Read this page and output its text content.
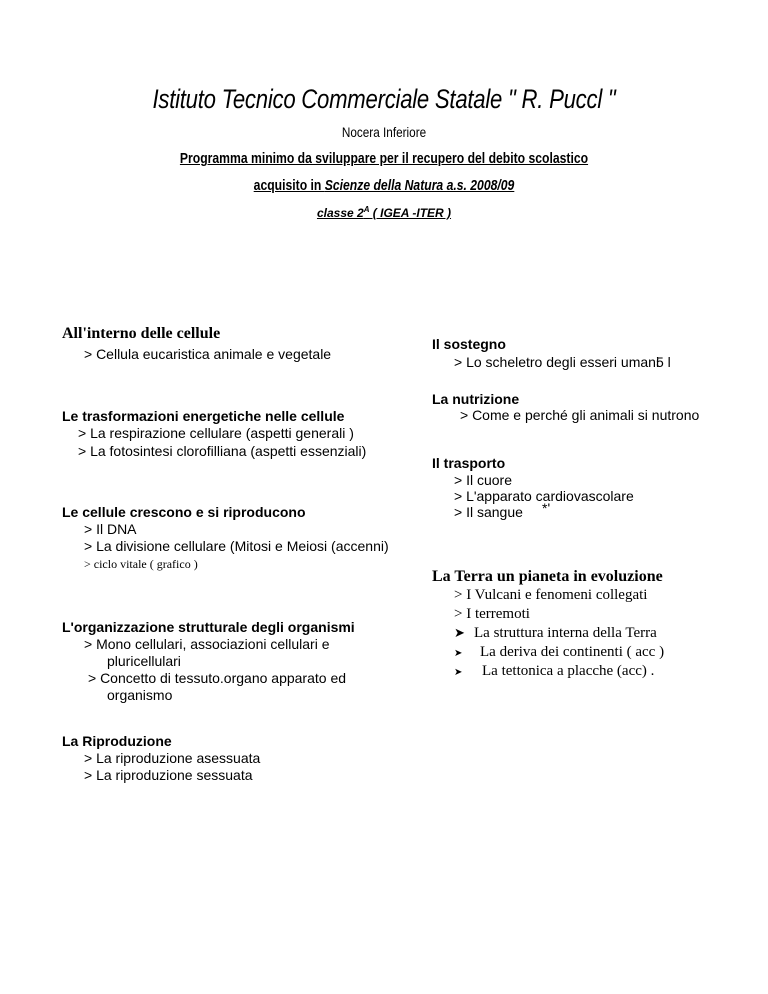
Istituto Tecnico Commerciale Statale " R. Puccl "
Nocera Inferiore
Programma minimo da sviluppare per il recupero del debito scolastico
acquisito in Scienze della Natura a.s. 2008/09
classe $2^A$ ( IGEA -ITER )
All'interno delle cellule
> Cellula eucaristica animale e vegetale
Le trasformazioni energetiche nelle cellule
> La respirazione cellulare (aspetti generali )
> La fotosintesi clorofilliana (aspetti essenziali)
Le cellule crescono e si riproducono
> Il DNA
> La divisione cellulare (Mitosi e Meiosi (accenni)
> ciclo vitale ( grafico )
L'organizzazione strutturale degli organismi
> Mono cellulari, associazioni cellulari e
pluricellulari
> Concetto di tessuto.organo apparato ed
organismo
La Riproduzione
> La riproduzione asessuata
> La riproduzione sessuata
Il sostegno
> Lo scheletro degli esseri umani
5 l
La nutrizione
> Come e perché gli animali si nutrono
Il trasporto
> Il cuore
> L'apparato cardiovascolare
> Il sangue *'
La Terra un pianeta in evoluzione
> I Vulcani e fenomeni collegati
> I terremoti
➤ La struttura interna della Terra
➤ La deriva dei continenti ( acc )
➤ La tettonica a placche (acc) .
